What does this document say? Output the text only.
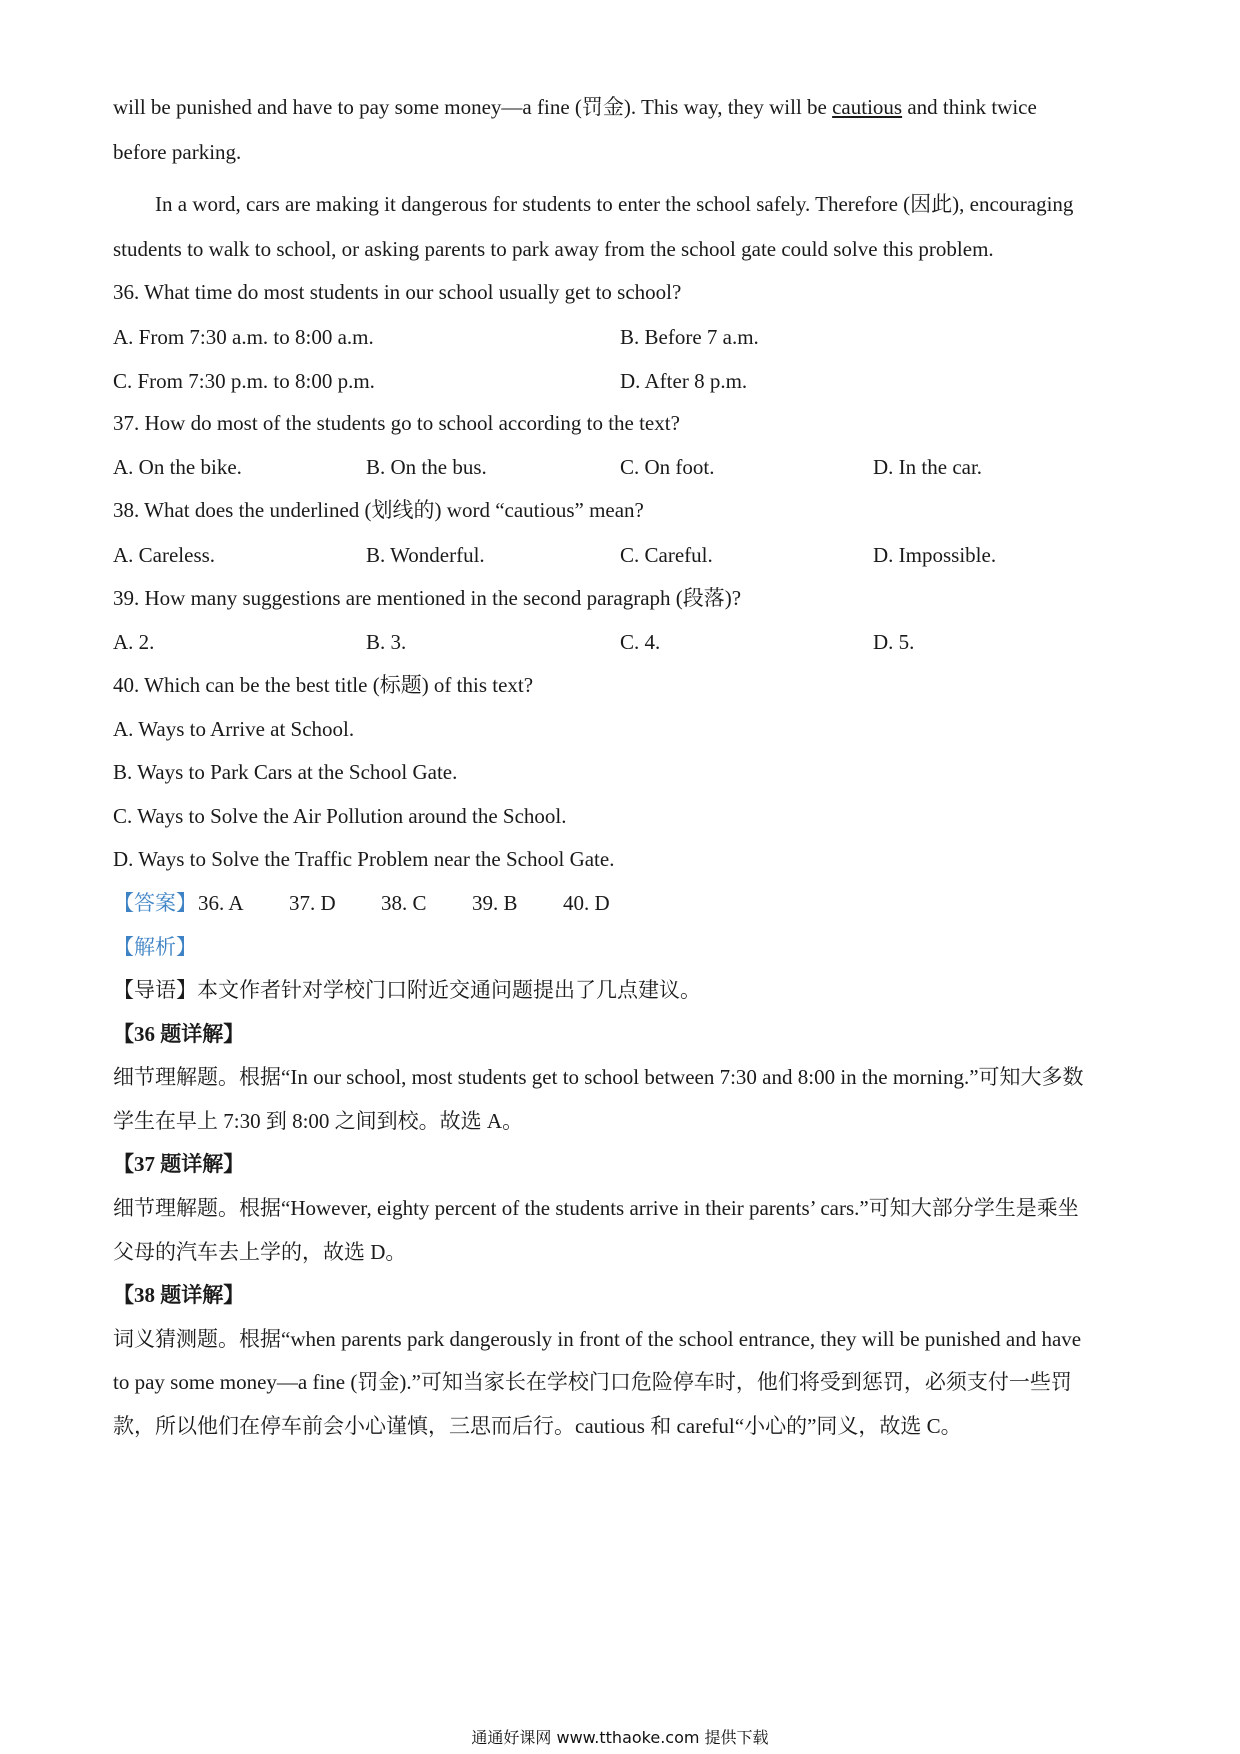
will be punished and have to pay some money—a fine (罚金). This way, they will be cautious and think twice
before parking.
In a word, cars are making it dangerous for students to enter the school safely. Therefore (因此), encouraging
students to walk to school, or asking parents to park away from the school gate could solve this problem.
36. What time do most students in our school usually get to school?
A. From 7:30 a.m. to 8:00 a.m.	B. Before 7 a.m.
C. From 7:30 p.m. to 8:00 p.m.	D. After 8 p.m.
37. How do most of the students go to school according to the text?
A. On the bike.	B. On the bus.	C. On foot.	D. In the car.
38. What does the underlined (划线的) word “cautious” mean?
A. Careless.	B. Wonderful.	C. Careful.	D. Impossible.
39. How many suggestions are mentioned in the second paragraph (段落)?
A. 2.	B. 3.	C. 4.	D. 5.
40. Which can be the best title (标题) of this text?
A. Ways to Arrive at School.
B. Ways to Park Cars at the School Gate.
C. Ways to Solve the Air Pollution around the School.
D. Ways to Solve the Traffic Problem near the School Gate.
【答案】 36. A 37. D 38. C 39. B 40. D
【解析】
【导语】本文作者针对学校门口附近交通问题提出了几点建议。
【36 题详解】
细节理解题。根据“In our school, most students get to school between 7:30 and 8:00 in the morning.”可知大多数
学生在早上 7:30 到 8:00 之间到校。故选 A。
【37 题详解】
细节理解题。根据“However, eighty percent of the students arrive in their parents’ cars.”可知大部分学生是乘坐
父母的汽车去上学的，故选 D。
【38 题详解】
词义猜测题。根据“when parents park dangerously in front of the school entrance, they will be punished and have
to pay some money—a fine (罚金).”可知当家长在学校门口危险停车时，他们将受到惩罚，必须支付一些罚
款，所以他们在停车前会小心谨慎，三思而后行。cautious 和 careful“小心的”同义，故选 C。
通通好课网 www.tthaoke.com 提供下载
